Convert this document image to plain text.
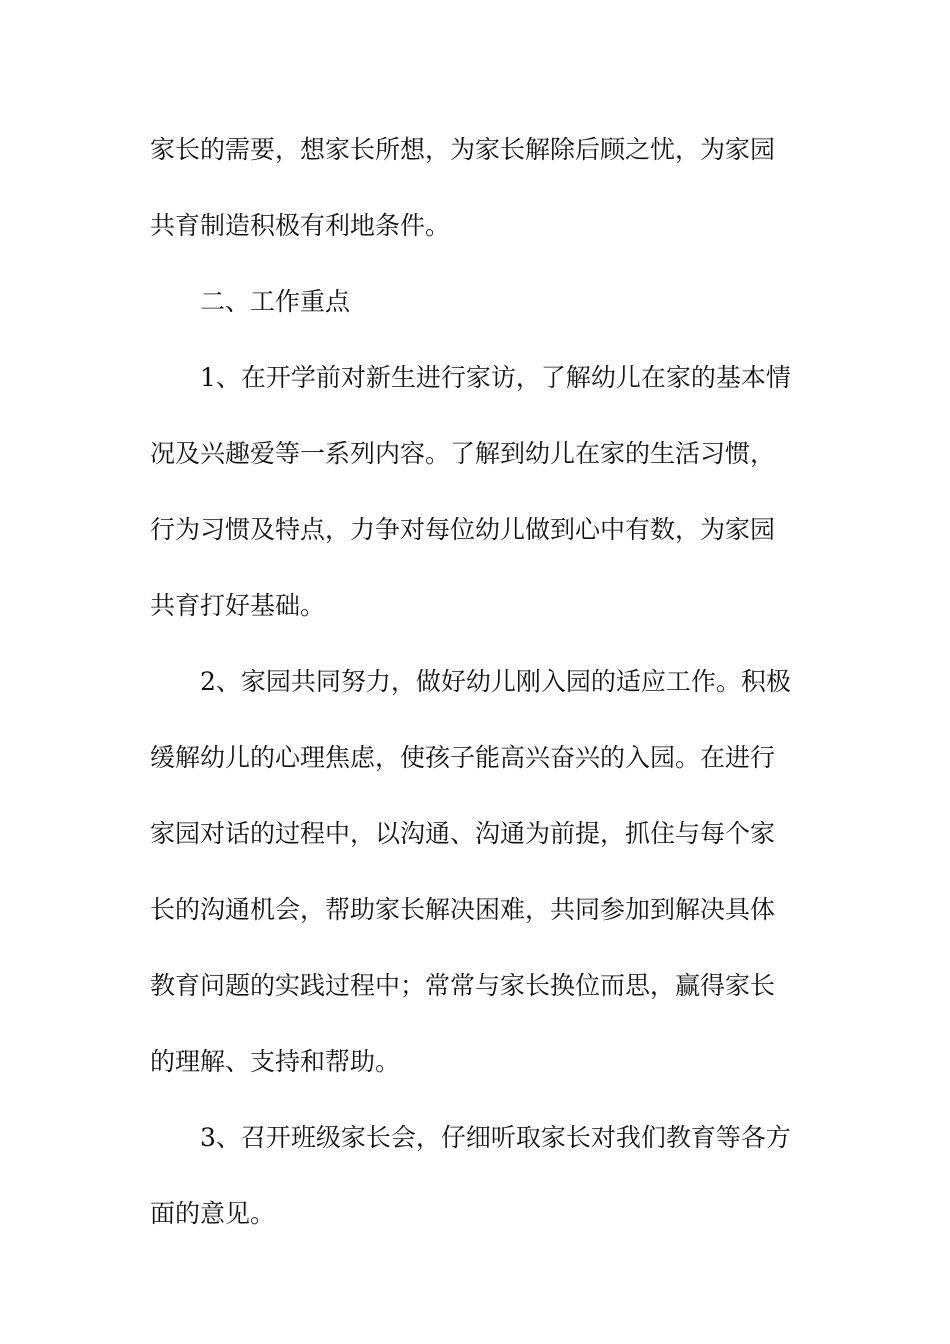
家长的需要，想家长所想，为家长解除后顾之忧，为家园
共育制造积极有利地条件。
二、工作重点
1、在开学前对新生进行家访，了解幼儿在家的基本情
况及兴趣爱等一系列内容。了解到幼儿在家的生活习惯，
行为习惯及特点，力争对每位幼儿做到心中有数，为家园
共育打好基础。
2、家园共同努力，做好幼儿刚入园的适应工作。积极
缓解幼儿的心理焦虑，使孩子能高兴奋兴的入园。在进行
家园对话的过程中，以沟通、沟通为前提，抓住与每个家
长的沟通机会，帮助家长解决困难，共同参加到解决具体
教育问题的实践过程中；常常与家长换位而思，赢得家长
的理解、支持和帮助。
3、召开班级家长会，仔细听取家长对我们教育等各方
面的意见。
